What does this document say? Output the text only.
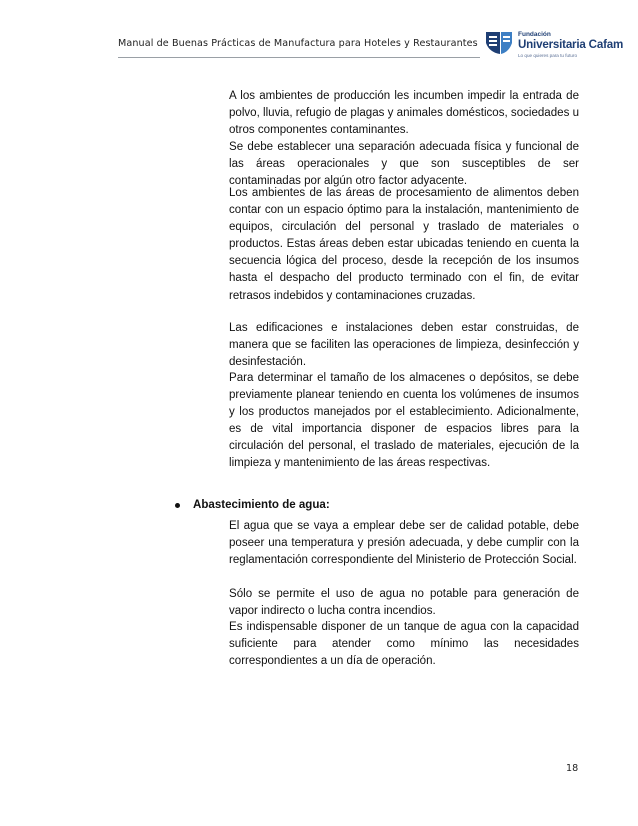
Manual de Buenas Prácticas de Manufactura para Hoteles y Restaurantes
Fundación
Universitaria Cafam
Lo que quieres para tu futuro

A los ambientes de producción les incumben impedir la entrada de polvo, lluvia, refugio de plagas y animales domésticos, sociedades u otros componentes contaminantes.

Se debe establecer una separación adecuada física y funcional de las áreas operacionales y que son susceptibles de ser contaminadas por algún otro factor adyacente.

Los ambientes de las áreas de procesamiento de alimentos deben contar con un espacio óptimo para la instalación, mantenimiento de equipos, circulación del personal y traslado de materiales o productos. Estas áreas deben estar ubicadas teniendo en cuenta la secuencia lógica del proceso, desde la recepción de los insumos hasta el despacho del producto terminado con el fin, de evitar retrasos indebidos y contaminaciones cruzadas.

Las edificaciones e instalaciones deben estar construidas, de manera que se faciliten las operaciones de limpieza, desinfección y desinfestación.

Para determinar el tamaño de los almacenes o depósitos, se debe previamente planear teniendo en cuenta los volúmenes de insumos y los productos manejados por el establecimiento. Adicionalmente, es de vital importancia disponer de espacios libres para la circulación del personal, el traslado de materiales, ejecución de la limpieza y mantenimiento de las áreas respectivas.

Abastecimiento de agua:

El agua que se vaya a emplear debe ser de calidad potable, debe poseer una temperatura y presión adecuada, y debe cumplir con la reglamentación correspondiente del Ministerio de Protección Social.

Sólo se permite el uso de agua no potable para generación de vapor indirecto o lucha contra incendios.

Es indispensable disponer de un tanque de agua con la capacidad suficiente para atender como mínimo las necesidades correspondientes a un día de operación.

18
